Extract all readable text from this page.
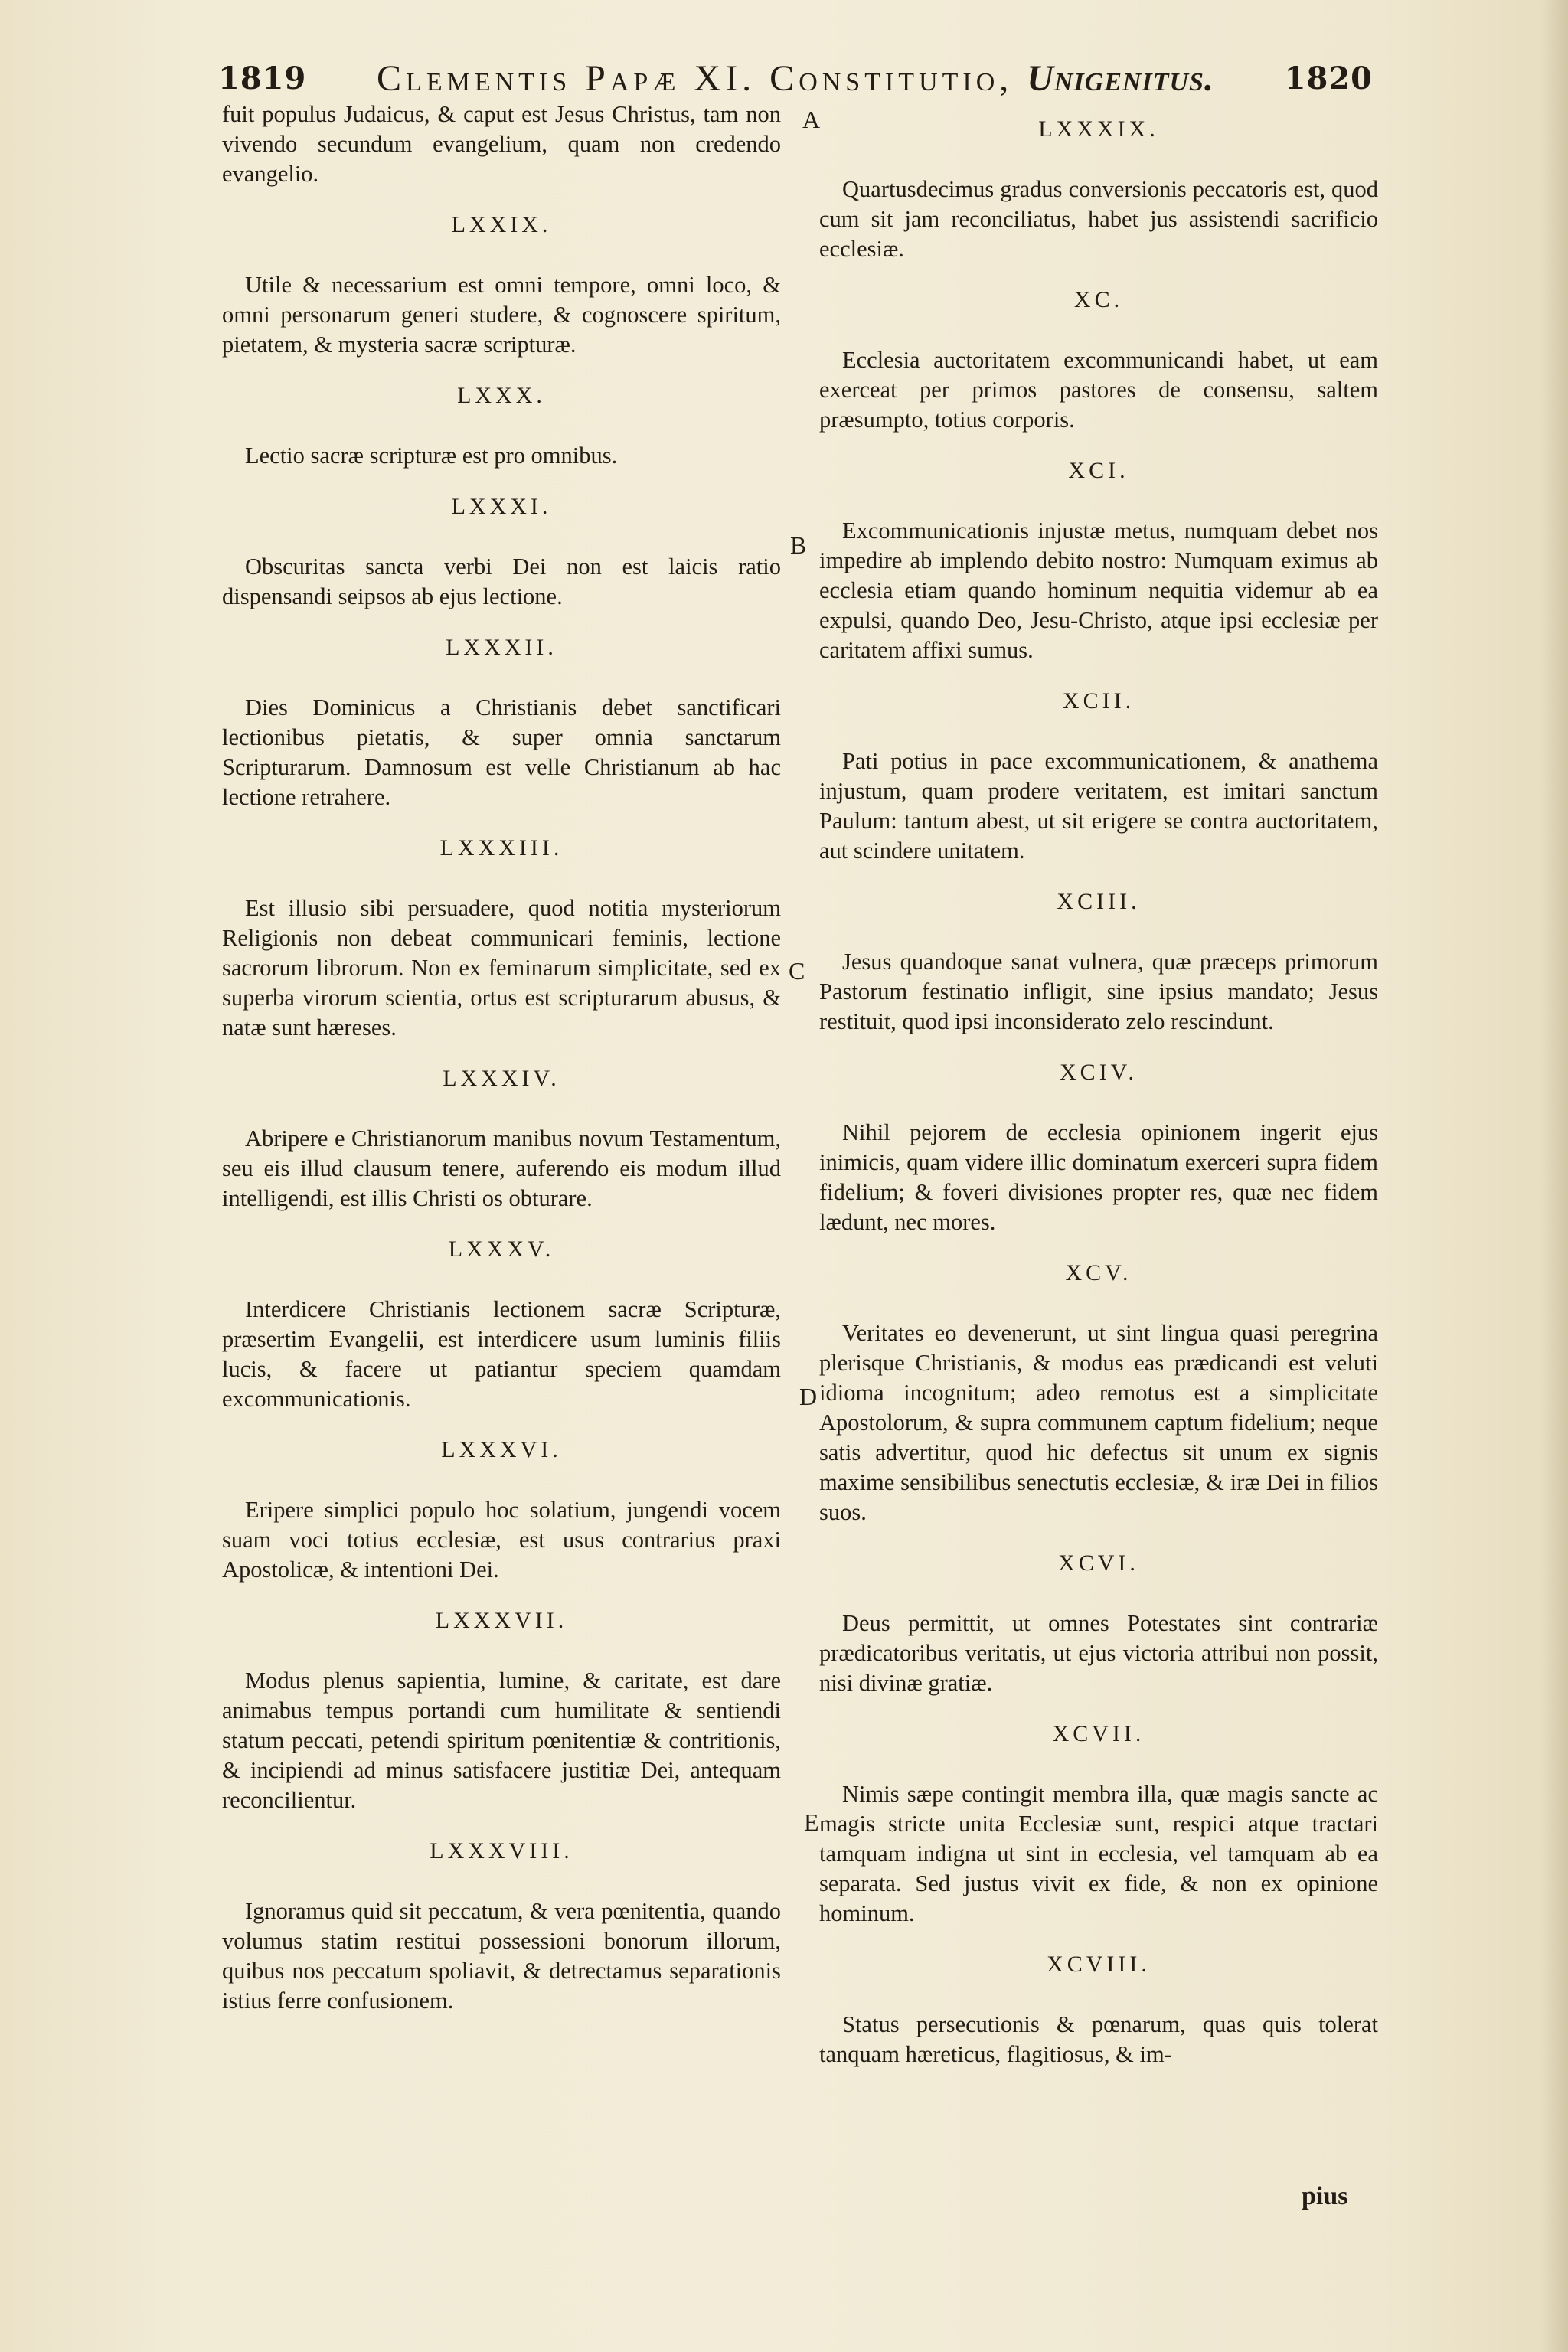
1819 Clementis Papæ XI. Constitutio, Unigenitus. 1820

fuit populus Judaicus, & caput est Jesus Christus, tam non vivendo secundum evangelium, quam non credendo evangelio.

LXXIX.

Utile & necessarium est omni tempore, omni loco, & omni personarum generi studere, & cognoscere spiritum, pietatem, & mysteria sacræ scripturæ.

LXXX.

Lectio sacræ scripturæ est pro omnibus.

LXXXI.

Obscuritas sancta verbi Dei non est laicis ratio dispensandi seipsos ab ejus lectione.

LXXXII.

Dies Dominicus a Christianis debet sanctificari lectionibus pietatis, & super omnia sanctarum Scripturarum. Damnosum est velle Christianum ab hac lectione retrahere.

LXXXIII.

Est illusio sibi persuadere, quod notitia mysteriorum Religionis non debeat communicari feminis, lectione sacrorum librorum. Non ex feminarum simplicitate, sed ex superba virorum scientia, ortus est scripturarum abusus, & natæ sunt hæreses.

LXXXIV.

Abripere e Christianorum manibus novum Testamentum, seu eis illud clausum tenere, auferendo eis modum illud intelligendi, est illis Christi os obturare.

LXXXV.

Interdicere Christianis lectionem sacræ Scripturæ, præsertim Evangelii, est interdicere usum luminis filiis lucis, & facere ut patiantur speciem quamdam excommunicationis.

LXXXVI.

Eripere simplici populo hoc solatium, jungendi vocem suam voci totius ecclesiæ, est usus contrarius praxi Apostolicæ, & intentioni Dei.

LXXXVII.

Modus plenus sapientia, lumine, & caritate, est dare animabus tempus portandi cum humilitate & sentiendi statum peccati, petendi spiritum pœnitentiæ & contritionis, & incipiendi ad minus satisfacere justitiæ Dei, antequam reconcilientur.

LXXXVIII.

Ignoramus quid sit peccatum, & vera pœnitentia, quando volumus statim restitui possessioni bonorum illorum, quibus nos peccatum spoliavit, & detrectamus separationis istius ferre confusionem.

LXXXIX.

Quartusdecimus gradus conversionis peccatoris est, quod cum sit jam reconciliatus, habet jus assistendi sacrificio ecclesiæ.

XC.

Ecclesia auctoritatem excommunicandi habet, ut eam exerceat per primos pastores de consensu, saltem præsumpto, totius corporis.

XCI.

Excommunicationis injustæ metus, numquam debet nos impedire ab implendo debito nostro: Numquam eximus ab ecclesia etiam quando hominum nequitia videmur ab ea expulsi, quando Deo, Jesu-Christo, atque ipsi ecclesiæ per caritatem affixi sumus.

XCII.

Pati potius in pace excommunicationem, & anathema injustum, quam prodere veritatem, est imitari sanctum Paulum: tantum abest, ut sit erigere se contra auctoritatem, aut scindere unitatem.

XCIII.

Jesus quandoque sanat vulnera, quæ præceps primorum Pastorum festinatio infligit, sine ipsius mandato; Jesus restituit, quod ipsi inconsiderato zelo rescindunt.

XCIV.

Nihil pejorem de ecclesia opinionem ingerit ejus inimicis, quam videre illic dominatum exerceri supra fidem fidelium; & foveri divisiones propter res, quæ nec fidem lædunt, nec mores.

XCV.

Veritates eo devenerunt, ut sint lingua quasi peregrina plerisque Christianis, & modus eas prædicandi est veluti idioma incognitum; adeo remotus est a simplicitate Apostolorum, & supra communem captum fidelium; neque satis advertitur, quod hic defectus sit unum ex signis maxime sensibilibus senectutis ecclesiæ, & iræ Dei in filios suos.

XCVI.

Deus permittit, ut omnes Potestates sint contrariæ prædicatoribus veritatis, ut ejus victoria attribui non possit, nisi divinæ gratiæ.

XCVII.

Nimis sæpe contingit membra illa, quæ magis sancte ac magis stricte unita Ecclesiæ sunt, respici atque tractari tamquam indigna ut sint in ecclesia, vel tamquam ab ea separata. Sed justus vivit ex fide, & non ex opinione hominum.

XCVIII.

Status persecutionis & pœnarum, quas quis tolerat tanquam hæreticus, flagitiosus, & im-

A
B
C
D
E
pius
